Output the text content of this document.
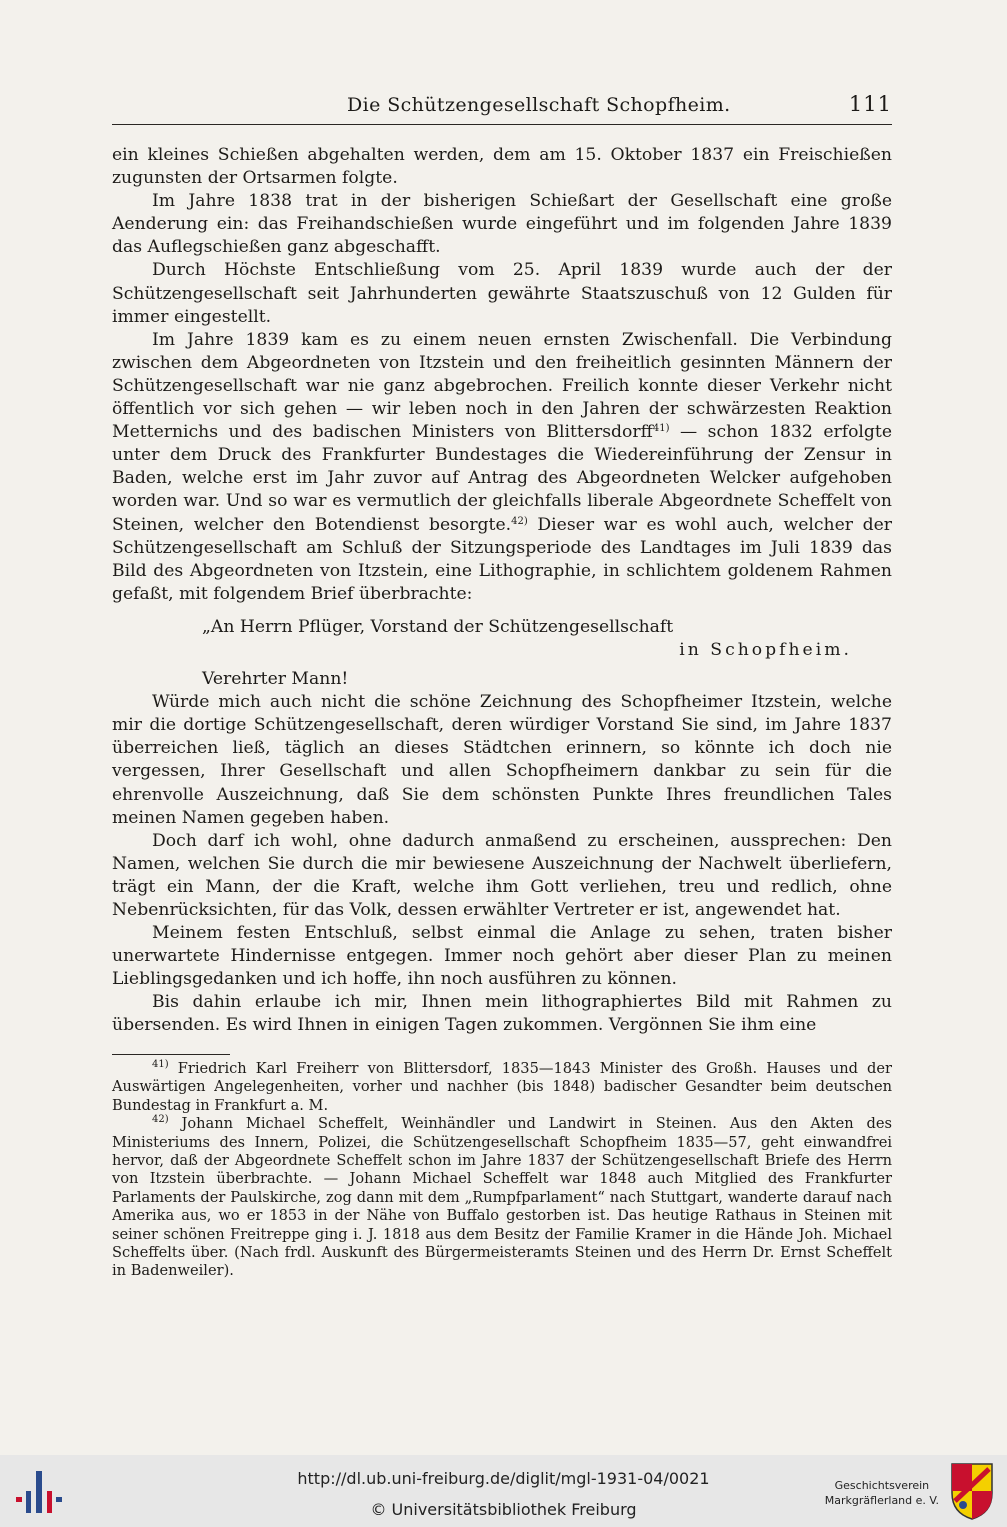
Die Schützengesellschaft Schopfheim.	111

ein kleines Schießen abgehalten werden, dem am 15. Oktober 1837 ein Freischießen zugunsten der Ortsarmen folgte.

Im Jahre 1838 trat in der bisherigen Schießart der Gesellschaft eine große Aenderung ein: das Freihandschießen wurde eingeführt und im folgenden Jahre 1839 das Auflegschießen ganz abgeschafft.

Durch Höchste Entschließung vom 25. April 1839 wurde auch der der Schützengesellschaft seit Jahrhunderten gewährte Staatszuschuß von 12 Gulden für immer eingestellt.

Im Jahre 1839 kam es zu einem neuen ernsten Zwischenfall. Die Verbindung zwischen dem Abgeordneten von Itzstein und den freiheitlich gesinnten Männern der Schützengesellschaft war nie ganz abgebrochen. Freilich konnte dieser Verkehr nicht öffentlich vor sich gehen — wir leben noch in den Jahren der schwärzesten Reaktion Metternichs und des badischen Ministers von Blittersdorff$^{41)}$ — schon 1832 erfolgte unter dem Druck des Frankfurter Bundestages die Wiedereinführung der Zensur in Baden, welche erst im Jahr zuvor auf Antrag des Abgeordneten Welcker aufgehoben worden war. Und so war es vermutlich der gleichfalls liberale Abgeordnete Scheffelt von Steinen, welcher den Botendienst besorgte.$^{42)}$ Dieser war es wohl auch, welcher der Schützengesellschaft am Schluß der Sitzungsperiode des Landtages im Juli 1839 das Bild des Abgeordneten von Itzstein, eine Lithographie, in schlichtem goldenem Rahmen gefaßt, mit folgendem Brief überbrachte:

„An Herrn Pflüger, Vorstand der Schützengesellschaft
in Schopfheim.
Verehrter Mann!

Würde mich auch nicht die schöne Zeichnung des Schopfheimer Itzstein, welche mir die dortige Schützengesellschaft, deren würdiger Vorstand Sie sind, im Jahre 1837 überreichen ließ, täglich an dieses Städtchen erinnern, so könnte ich doch nie vergessen, Ihrer Gesellschaft und allen Schopfheimern dankbar zu sein für die ehrenvolle Auszeichnung, daß Sie dem schönsten Punkte Ihres freundlichen Tales meinen Namen gegeben haben.

Doch darf ich wohl, ohne dadurch anmaßend zu erscheinen, aussprechen: Den Namen, welchen Sie durch die mir bewiesene Auszeichnung der Nachwelt überliefern, trägt ein Mann, der die Kraft, welche ihm Gott verliehen, treu und redlich, ohne Nebenrücksichten, für das Volk, dessen erwählter Vertreter er ist, angewendet hat.

Meinem festen Entschluß, selbst einmal die Anlage zu sehen, traten bisher unerwartete Hindernisse entgegen. Immer noch gehört aber dieser Plan zu meinen Lieblingsgedanken und ich hoffe, ihn noch ausführen zu können.

Bis dahin erlaube ich mir, Ihnen mein lithographiertes Bild mit Rahmen zu übersenden. Es wird Ihnen in einigen Tagen zukommen. Vergönnen Sie ihm eine

$^{41)}$ Friedrich Karl Freiherr von Blittersdorf, 1835—1843 Minister des Großh. Hauses und der Auswärtigen Angelegenheiten, vorher und nachher (bis 1848) badischer Gesandter beim deutschen Bundestag in Frankfurt a. M.

$^{42)}$ Johann Michael Scheffelt, Weinhändler und Landwirt in Steinen. Aus den Akten des Ministeriums des Innern, Polizei, die Schützengesellschaft Schopfheim 1835—57, geht einwandfrei hervor, daß der Abgeordnete Scheffelt schon im Jahre 1837 der Schützengesellschaft Briefe des Herrn von Itzstein überbrachte. — Johann Michael Scheffelt war 1848 auch Mitglied des Frankfurter Parlaments der Paulskirche, zog dann mit dem „Rumpfparlament“ nach Stuttgart, wanderte darauf nach Amerika aus, wo er 1853 in der Nähe von Buffalo gestorben ist. Das heutige Rathaus in Steinen mit seiner schönen Freitreppe ging i. J. 1818 aus dem Besitz der Familie Kramer in die Hände Joh. Michael Scheffelts über. (Nach frdl. Auskunft des Bürgermeisteramts Steinen und des Herrn Dr. Ernst Scheffelt in Badenweiler).

http://dl.ub.uni-freiburg.de/diglit/mgl-1931-04/0021
© Universitätsbibliothek Freiburg
Geschichtsverein
Markgräflerland e. V.
